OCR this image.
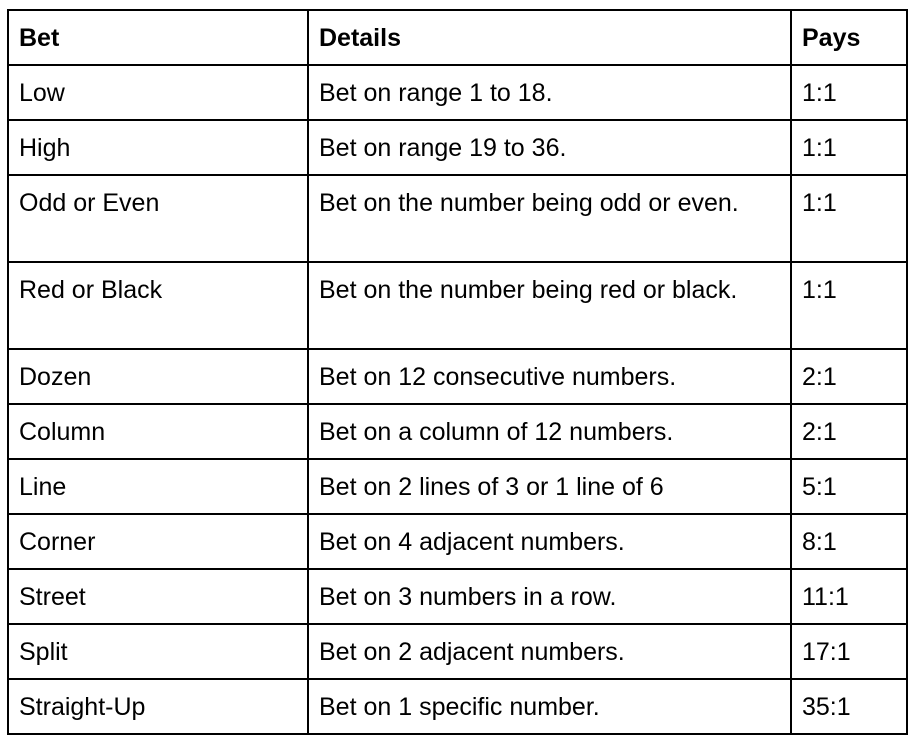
Bet	Details	Pays
Low	Bet on range 1 to 18.	1:1
High	Bet on range 19 to 36.	1:1
Odd or Even	Bet on the number being odd or even.	1:1
Red or Black	Bet on the number being red or black.	1:1
Dozen	Bet on 12 consecutive numbers.	2:1
Column	Bet on a column of 12 numbers.	2:1
Line	Bet on 2 lines of 3 or 1 line of 6	5:1
Corner	Bet on 4 adjacent numbers.	8:1
Street	Bet on 3 numbers in a row.	11:1
Split	Bet on 2 adjacent numbers.	17:1
Straight-Up	Bet on 1 specific number.	35:1
